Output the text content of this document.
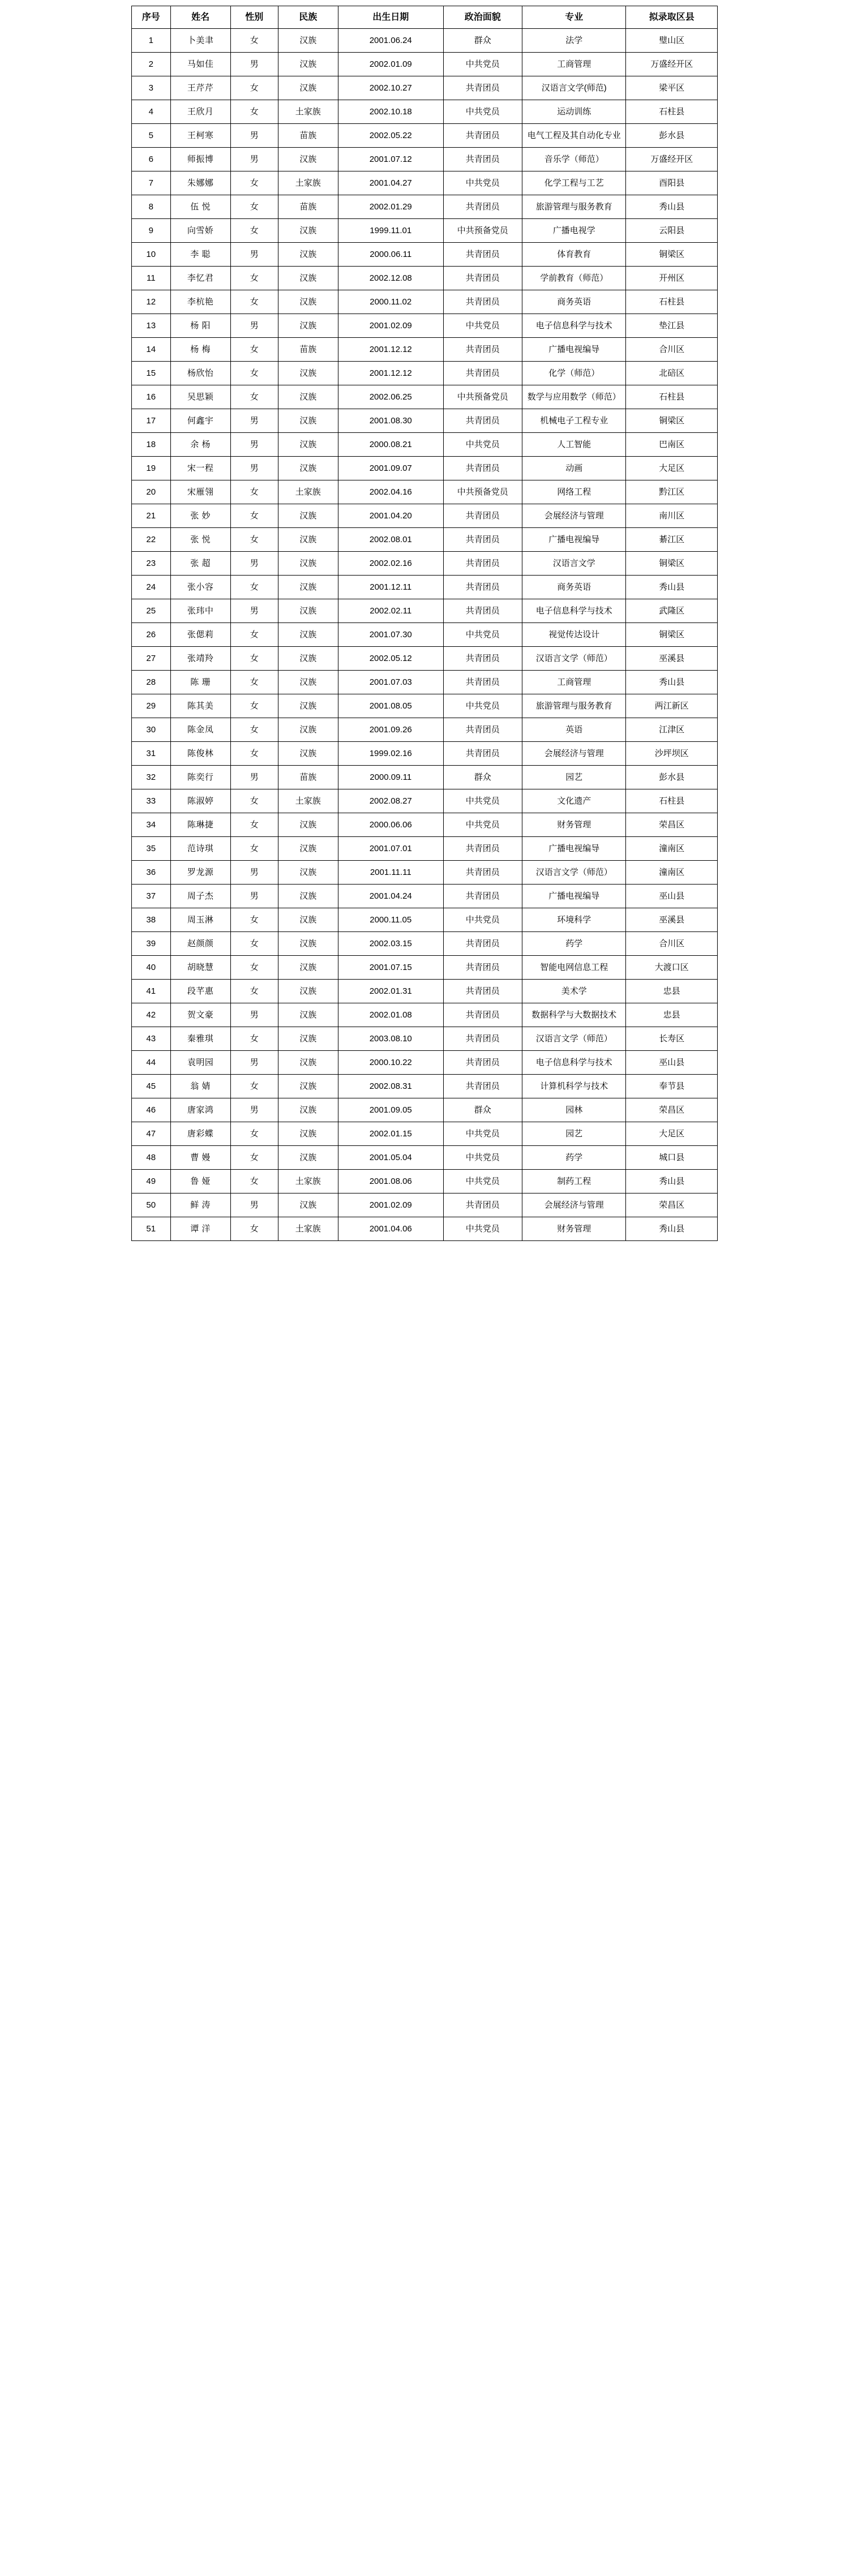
序号	姓名	性别	民族	出生日期	政治面貌	专业	拟录取区县
1	卜美聿	女	汉族	2001.06.24	群众	法学	璧山区
2	马如佳	男	汉族	2002.01.09	中共党员	工商管理	万盛经开区
3	王芹芹	女	汉族	2002.10.27	共青团员	汉语言文学(师范)	梁平区
4	王欣月	女	土家族	2002.10.18	中共党员	运动训练	石柱县
5	王柯寒	男	苗族	2002.05.22	共青团员	电气工程及其自动化专业	彭水县
6	师振博	男	汉族	2001.07.12	共青团员	音乐学（师范）	万盛经开区
7	朱娜娜	女	土家族	2001.04.27	中共党员	化学工程与工艺	酉阳县
8	伍 悦	女	苗族	2002.01.29	共青团员	旅游管理与服务教育	秀山县
9	向雪娇	女	汉族	1999.11.01	中共预备党员	广播电视学	云阳县
10	李 聪	男	汉族	2000.06.11	共青团员	体育教育	铜梁区
11	李忆君	女	汉族	2002.12.08	共青团员	学前教育（师范）	开州区
12	李杭艳	女	汉族	2000.11.02	共青团员	商务英语	石柱县
13	杨 阳	男	汉族	2001.02.09	中共党员	电子信息科学与技术	垫江县
14	杨 梅	女	苗族	2001.12.12	共青团员	广播电视编导	合川区
15	杨欣怡	女	汉族	2001.12.12	共青团员	化学（师范）	北碚区
16	吴思颖	女	汉族	2002.06.25	中共预备党员	数学与应用数学（师范）	石柱县
17	何鑫宇	男	汉族	2001.08.30	共青团员	机械电子工程专业	铜梁区
18	余 杨	男	汉族	2000.08.21	中共党员	人工智能	巴南区
19	宋一程	男	汉族	2001.09.07	共青团员	动画	大足区
20	宋雁翎	女	土家族	2002.04.16	中共预备党员	网络工程	黔江区
21	张 妙	女	汉族	2001.04.20	共青团员	会展经济与管理	南川区
22	张 悦	女	汉族	2002.08.01	共青团员	广播电视编导	綦江区
23	张 超	男	汉族	2002.02.16	共青团员	汉语言文学	铜梁区
24	张小容	女	汉族	2001.12.11	共青团员	商务英语	秀山县
25	张玮中	男	汉族	2002.02.11	共青团员	电子信息科学与技术	武隆区
26	张偲莉	女	汉族	2001.07.30	中共党员	视觉传达设计	铜梁区
27	张靖羚	女	汉族	2002.05.12	共青团员	汉语言文学（师范）	巫溪县
28	陈 珊	女	汉族	2001.07.03	共青团员	工商管理	秀山县
29	陈其美	女	汉族	2001.08.05	中共党员	旅游管理与服务教育	两江新区
30	陈金凤	女	汉族	2001.09.26	共青团员	英语	江津区
31	陈俊林	女	汉族	1999.02.16	共青团员	会展经济与管理	沙坪坝区
32	陈奕行	男	苗族	2000.09.11	群众	园艺	彭水县
33	陈淑婷	女	土家族	2002.08.27	中共党员	文化遗产	石柱县
34	陈琳捷	女	汉族	2000.06.06	中共党员	财务管理	荣昌区
35	范诗琪	女	汉族	2001.07.01	共青团员	广播电视编导	潼南区
36	罗龙源	男	汉族	2001.11.11	共青团员	汉语言文学（师范）	潼南区
37	周子杰	男	汉族	2001.04.24	共青团员	广播电视编导	巫山县
38	周玉淋	女	汉族	2000.11.05	中共党员	环境科学	巫溪县
39	赵颜颜	女	汉族	2002.03.15	共青团员	药学	合川区
40	胡晓慧	女	汉族	2001.07.15	共青团员	智能电网信息工程	大渡口区
41	段芊惠	女	汉族	2002.01.31	共青团员	美术学	忠县
42	贺文豪	男	汉族	2002.01.08	共青团员	数据科学与大数据技术	忠县
43	秦雅琪	女	汉族	2003.08.10	共青团员	汉语言文学（师范）	长寿区
44	袁明园	男	汉族	2000.10.22	共青团员	电子信息科学与技术	巫山县
45	翁 婧	女	汉族	2002.08.31	共青团员	计算机科学与技术	奉节县
46	唐家鸿	男	汉族	2001.09.05	群众	园林	荣昌区
47	唐彩蝶	女	汉族	2002.01.15	中共党员	园艺	大足区
48	曹 嫚	女	汉族	2001.05.04	中共党员	药学	城口县
49	鲁 娅	女	土家族	2001.08.06	中共党员	制药工程	秀山县
50	鲜 涛	男	汉族	2001.02.09	共青团员	会展经济与管理	荣昌区
51	谭 洋	女	土家族	2001.04.06	中共党员	财务管理	秀山县
